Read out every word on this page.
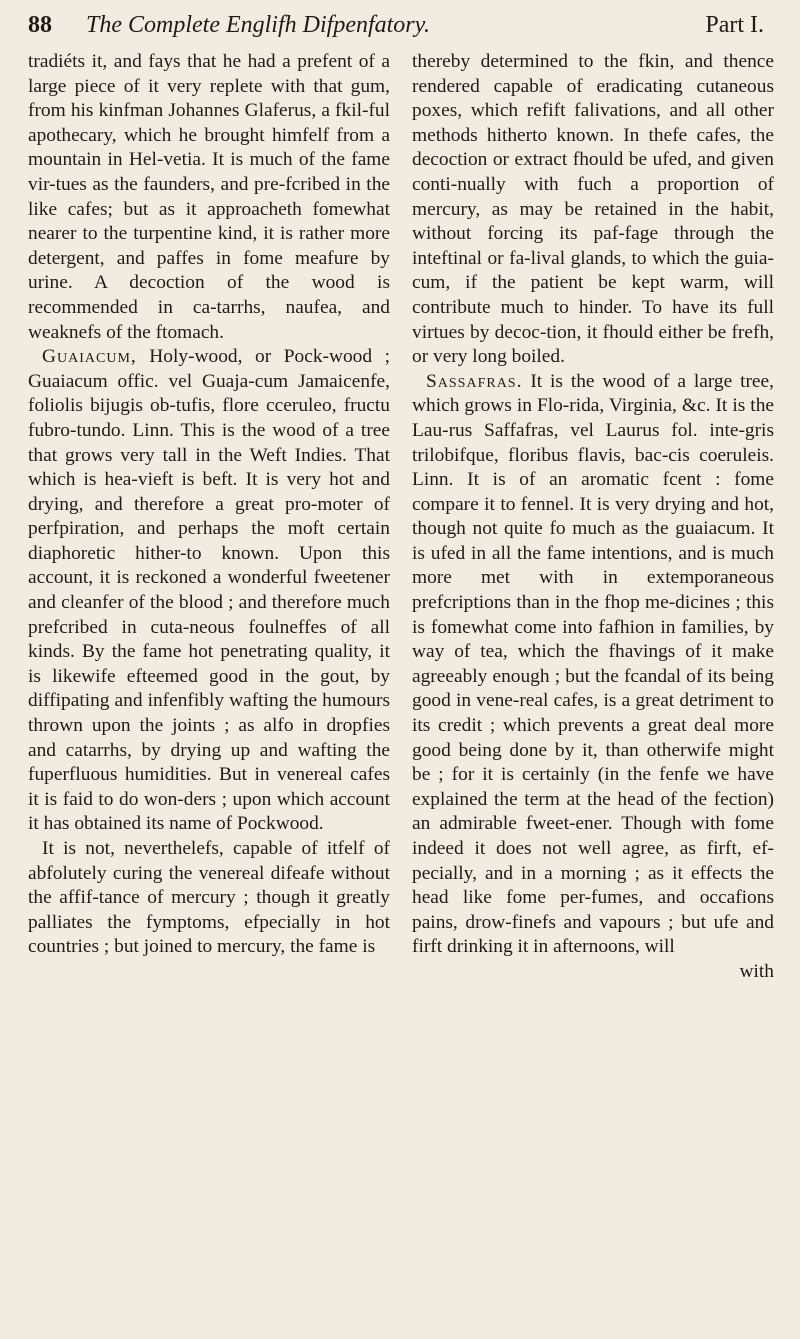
88 The Complete Englifh Difpenfatory.	Part I.

tradiéts it, and fays that he had a prefent of a large piece of it very replete with that gum, from his kinfman Johannes Glaferus, a fkil-ful apothecary, which he brought himfelf from a mountain in Hel-vetia. It is much of the fame vir-tues as the faunders, and pre-fcribed in the like cafes; but as it approacheth fomewhat nearer to the turpentine kind, it is rather more detergent, and paffes in fome meafure by urine. A decoction of the wood is recommended in ca-tarrhs, naufea, and weaknefs of the ftomach.

Guaiacum, Holy-wood, or Pock-wood ; Guaiacum offic. vel Guaja-cum Jamaicenfe, foliolis bijugis ob-tufis, flore cceruleo, fructu fubro-tundo. Linn. This is the wood of a tree that grows very tall in the Weft Indies. That which is hea-vieft is beft. It is very hot and drying, and therefore a great pro-moter of perfpiration, and perhaps the moft certain diaphoretic hither-to known. Upon this account, it is reckoned a wonderful fweetener and cleanfer of the blood ; and therefore much prefcribed in cuta-neous foulneffes of all kinds. By the fame hot penetrating quality, it is likewife efteemed good in the gout, by diffipating and infenfibly wafting the humours thrown upon the joints ; as alfo in dropfies and catarrhs, by drying up and wafting the fuperfluous humidities. But in venereal cafes it is faid to do won-ders ; upon which account it has obtained its name of Pockwood.

It is not, neverthelefs, capable of itfelf of abfolutely curing the venereal difeafe without the affif-tance of mercury ; though it greatly palliates the fymptoms, efpecially in hot countries ; but joined to mercury, the fame is

thereby determined to the fkin, and thence rendered capable of eradicating cutaneous poxes, which refift falivations, and all other methods hitherto known. In thefe cafes, the decoction or extract fhould be ufed, and given conti-nually with fuch a proportion of mercury, as may be retained in the habit, without forcing its paf-fage through the inteftinal or fa-lival glands, to which the guia-cum, if the patient be kept warm, will contribute much to hinder. To have its full virtues by decoc-tion, it fhould either be frefh, or very long boiled.

Sassafras. It is the wood of a large tree, which grows in Flo-rida, Virginia, &c. It is the Lau-rus Saffafras, vel Laurus fol. inte-gris trilobifque, floribus flavis, bac-cis coeruleis. Linn. It is of an aromatic fcent : fome compare it to fennel. It is very drying and hot, though not quite fo much as the guaiacum. It is ufed in all the fame intentions, and is much more met with in extemporaneous prefcriptions than in the fhop me-dicines ; this is fomewhat come into fafhion in families, by way of tea, which the fhavings of it make agreeably enough ; but the fcandal of its being good in vene-real cafes, is a great detriment to its credit ; which prevents a great deal more good being done by it, than otherwife might be ; for it is certainly (in the fenfe we have explained the term at the head of the fection) an admirable fweet-ener. Though with fome indeed it does not well agree, as firft, ef-pecially, and in a morning ; as it effects the head like fome per-fumes, and occafions pains, drow-finefs and vapours ; but ufe and firft drinking it in afternoons, will

with
